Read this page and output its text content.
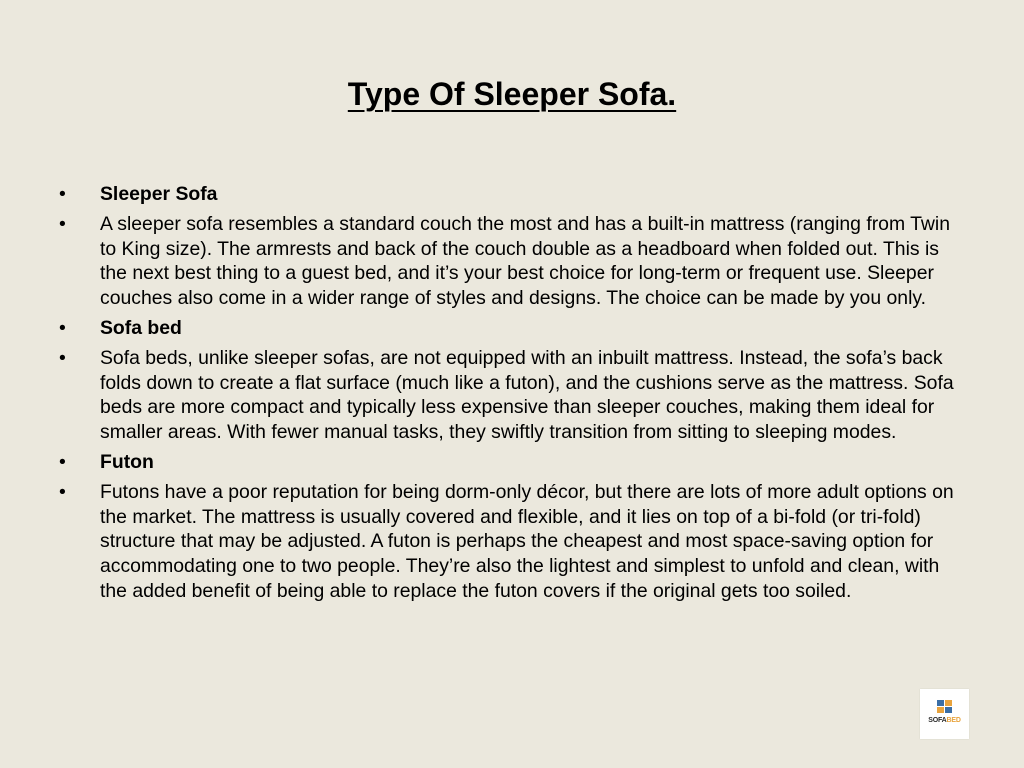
Type Of Sleeper Sofa.
•	Sleeper Sofa
•	A sleeper sofa resembles a standard couch the most and has a built-in mattress (ranging from Twin to King size). The armrests and back of the couch double as a headboard when folded out. This is the next best thing to a guest bed, and it’s your best choice for long-term or frequent use. Sleeper couches also come in a wider range of styles and designs. The choice can be made by you only.
•	Sofa bed
•	Sofa beds, unlike sleeper sofas, are not equipped with an inbuilt mattress. Instead, the sofa’s back folds down to create a flat surface (much like a futon), and the cushions serve as the mattress. Sofa beds are more compact and typically less expensive than sleeper couches, making them ideal for smaller areas. With fewer manual tasks, they swiftly transition from sitting to sleeping modes.
•	Futon
•	Futons have a poor reputation for being dorm-only décor, but there are lots of more adult options on the market. The mattress is usually covered and flexible, and it lies on top of a bi-fold (or tri-fold) structure that may be adjusted. A futon is perhaps the cheapest and most space-saving option for accommodating one to two people. They’re also the lightest and simplest to unfold and clean, with the added benefit of being able to replace the futon covers if the original gets too soiled.
SOFABED
